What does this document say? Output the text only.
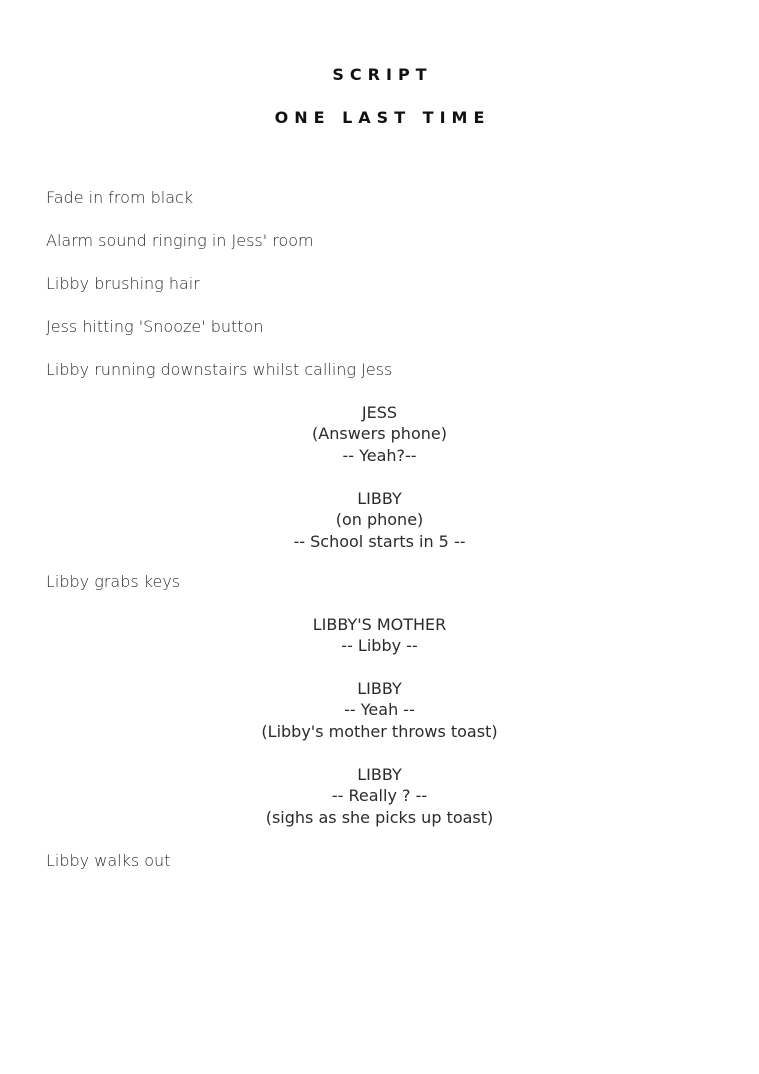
SCRIPT
ONE LAST TIME

Fade in from black

Alarm sound ringing in Jess' room

Libby brushing hair

Jess hitting 'Snooze' button

Libby running downstairs whilst calling Jess

JESS

(Answers phone)

-- Yeah?--

LIBBY

(on phone)

-- School starts in 5 --

Libby grabs keys

LIBBY'S MOTHER

-- Libby --

LIBBY

-- Yeah --

(Libby's mother throws toast)

LIBBY

-- Really ? --

(sighs as she picks up toast)

Libby walks out
